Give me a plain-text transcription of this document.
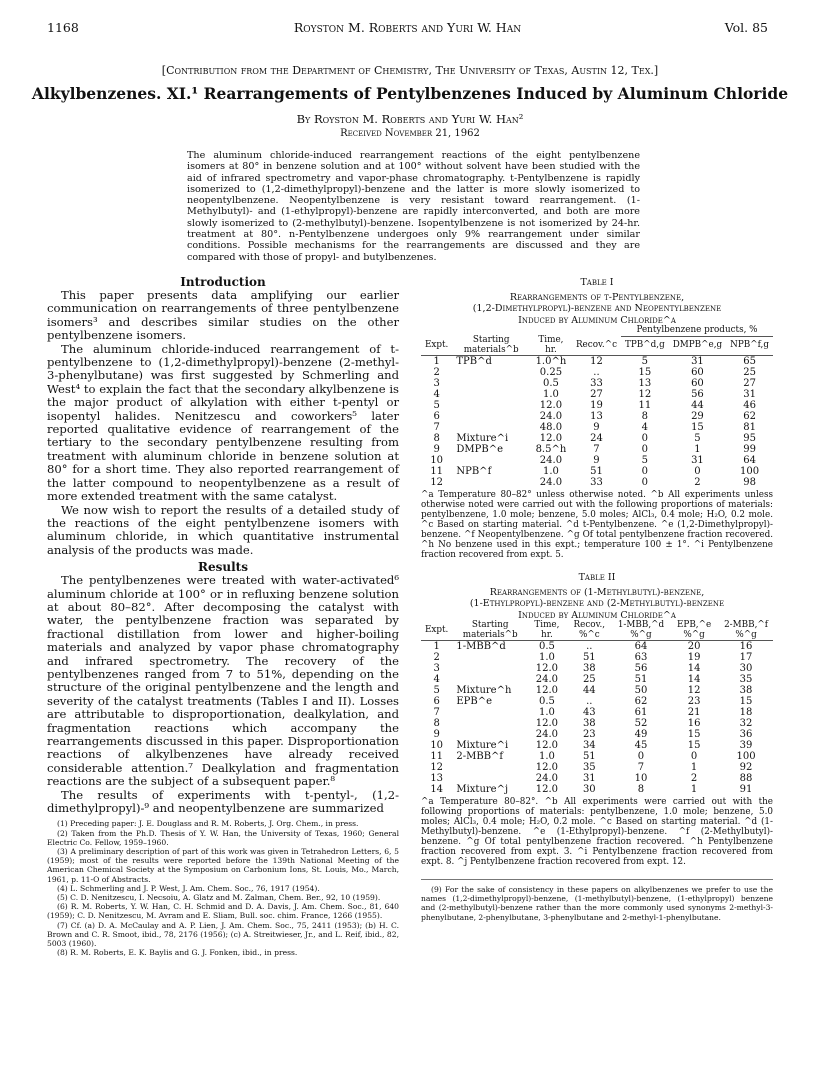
1168	Royston M. Roberts and Yuri W. Han	Vol. 85
[Contribution from the Department of Chemistry, The University of Texas, Austin 12, Tex.]
Alkylbenzenes. XI.¹ Rearrangements of Pentylbenzenes Induced by Aluminum Chloride
By Royston M. Roberts and Yuri W. Han²
Received November 21, 1962
The aluminum chloride-induced rearrangement reactions of the eight pentylbenzene isomers at 80° in benzene solution and at 100° without solvent have been studied with the aid of infrared spectrometry and vapor-phase chromatography. t-Pentylbenzene is rapidly isomerized to (1,2-dimethylpropyl)-benzene and the latter is more slowly isomerized to neopentylbenzene. Neopentylbenzene is very resistant toward rearrangement. (1-Methylbutyl)- and (1-ethylpropyl)-benzene are rapidly interconverted, and both are more slowly isomerized to (2-methylbutyl)-benzene. Isopentylbenzene is not isomerized by 24-hr. treatment at 80°. n-Pentylbenzene undergoes only 9% rearrangement under similar conditions. Possible mechanisms for the rearrangements are discussed and they are compared with those of propyl- and butylbenzenes.
Introduction

This paper presents data amplifying our earlier communication on rearrangements of three pentylbenzene isomers³ and describes similar studies on the other pentylbenzene isomers.

The aluminum chloride-induced rearrangement of t-pentylbenzene to (1,2-dimethylpropyl)-benzene (2-methyl-3-phenylbutane) was first suggested by Schmerling and West⁴ to explain the fact that the secondary alkylbenzene is the major product of alkylation with either t-pentyl or isopentyl halides. Nenitzescu and coworkers⁵ later reported qualitative evidence of rearrangement of the tertiary to the secondary pentylbenzene resulting from treatment with aluminum chloride in benzene solution at 80° for a short time. They also reported rearrangement of the latter compound to neopentylbenzene as a result of more extended treatment with the same catalyst.

We now wish to report the results of a detailed study of the reactions of the eight pentylbenzene isomers with aluminum chloride, in which quantitative instrumental analysis of the products was made.

Results

The pentylbenzenes were treated with water-activated⁶ aluminum chloride at 100° or in refluxing benzene solution at about 80–82°. After decomposing the catalyst with water, the pentylbenzene fraction was separated by fractional distillation from lower and higher-boiling materials and analyzed by vapor phase chromatography and infrared spectrometry. The recovery of the pentylbenzenes ranged from 7 to 51%, depending on the structure of the original pentylbenzene and the length and severity of the catalyst treatments (Tables I and II). Losses are attributable to disproportionation, dealkylation, and fragmentation reactions which accompany the rearrangements discussed in this paper. Disproportionation reactions of alkylbenzenes have already received considerable attention.⁷ Dealkylation and fragmentation reactions are the subject of a subsequent paper.⁸

The results of experiments with t-pentyl-, (1,2-dimethylpropyl)-⁹ and neopentylbenzene are summarized

(1) Preceding paper: J. E. Douglass and R. M. Roberts, J. Org. Chem., in press.
(2) Taken from the Ph.D. Thesis of Y. W. Han, the University of Texas, 1960; General Electric Co. Fellow, 1959–1960.
(3) A preliminary description of part of this work was given in Tetrahedron Letters, 6, 5 (1959); most of the results were reported before the 139th National Meeting of the American Chemical Society at the Symposium on Carbonium Ions, St. Louis, Mo., March, 1961, p. 11-O of Abstracts.
(4) L. Schmerling and J. P. West, J. Am. Chem. Soc., 76, 1917 (1954).
(5) C. D. Nenitzescu, I. Necsoiu, A. Glatz and M. Zalman, Chem. Ber., 92, 10 (1959).
(6) R. M. Roberts, Y. W. Han, C. H. Schmid and D. A. Davis, J. Am. Chem. Soc., 81, 640 (1959); C. D. Nenitzescu, M. Avram and E. Sliam, Bull. soc. chim. France, 1266 (1955).
(7) Cf. (a) D. A. McCaulay and A. P. Lien, J. Am. Chem. Soc., 75, 2411 (1953); (b) H. C. Brown and C. R. Smoot, ibid., 78, 2176 (1956); (c) A. Streitwieser, Jr., and L. Reif, ibid., 82, 5003 (1960).
(8) R. M. Roberts, E. K. Baylis and G. J. Fonken, ibid., in press.
Table I
Rearrangements of t-Pentylbenzene,
(1,2-Dimethylpropyl)-benzene and Neopentylbenzene
Induced by Aluminum Chloride^a
				Pentylbenzene products, %		
Expt.	Starting materials^b	Time, hr.	Recov.^c	TPB^d,g	DMPB^e,g	NPB^f,g
1	TPB^d	1.0^h	12	5	31	65
2		0.25	..	15	60	25
3		0.5	33	13	60	27
4		1.0	27	12	56	31
5		12.0	19	11	44	46
6		24.0	13	8	29	62
7		48.0	9	4	15	81
8	Mixture^i	12.0	24	0	5	95
9	DMPB^e	8.5^h	7	0	1	99
10		24.0	9	5	31	64
11	NPB^f	1.0	51	0	0	100
12		24.0	33	0	2	98
^a Temperature 80–82° unless otherwise noted. ^b All experiments unless otherwise noted were carried out with the following proportions of materials: pentylbenzene, 1.0 mole; benzene, 5.0 moles; AlCl₃, 0.4 mole; H₂O, 0.2 mole. ^c Based on starting material. ^d t-Pentylbenzene. ^e (1,2-Dimethylpropyl)-benzene. ^f Neopentylbenzene. ^g Of total pentylbenzene fraction recovered. ^h No benzene used in this expt.; temperature 100 ± 1°. ^i Pentylbenzene fraction recovered from expt. 5.
Table II
Rearrangements of (1-Methylbutyl)-benzene,
(1-Ethylpropyl)-benzene and (2-Methylbutyl)-benzene
Induced by Aluminum Chloride^a
Expt.	Starting materials^b	Time, hr.	Recov., %^c	1-MBB,^d %^g	EPB,^e %^g	2-MBB,^f %^g
1	1-MBB^d	0.5	..	64	20	16
2		1.0	51	63	19	17
3		12.0	38	56	14	30
4		24.0	25	51	14	35
5	Mixture^h	12.0	44	50	12	38
6	EPB^e	0.5	..	62	23	15
7		1.0	43	61	21	18
8		12.0	38	52	16	32
9		24.0	23	49	15	36
10	Mixture^i	12.0	34	45	15	39
11	2-MBB^f	1.0	51	0	0	100
12		12.0	35	7	1	92
13		24.0	31	10	2	88
14	Mixture^j	12.0	30	8	1	91
^a Temperature 80–82°. ^b All experiments were carried out with the following proportions of materials: pentylbenzene, 1.0 mole; benzene, 5.0 moles; AlCl₃, 0.4 mole; H₂O, 0.2 mole. ^c Based on starting material. ^d (1-Methylbutyl)-benzene. ^e (1-Ethylpropyl)-benzene. ^f (2-Methylbutyl)-benzene. ^g Of total pentylbenzene fraction recovered. ^h Pentylbenzene fraction recovered from expt. 3. ^i Pentylbenzene fraction recovered from expt. 8. ^j Pentylbenzene fraction recovered from expt. 12.
(9) For the sake of consistency in these papers on alkylbenzenes we prefer to use the names (1,2-dimethylpropyl)-benzene, (1-methylbutyl)-benzene, (1-ethylpropyl) benzene and (2-methylbutyl)-benzene rather than the more commonly used synonyms 2-methyl-3-phenylbutane, 2-phenylbutane, 3-phenylbutane and 2-methyl-1-phenylbutane.
